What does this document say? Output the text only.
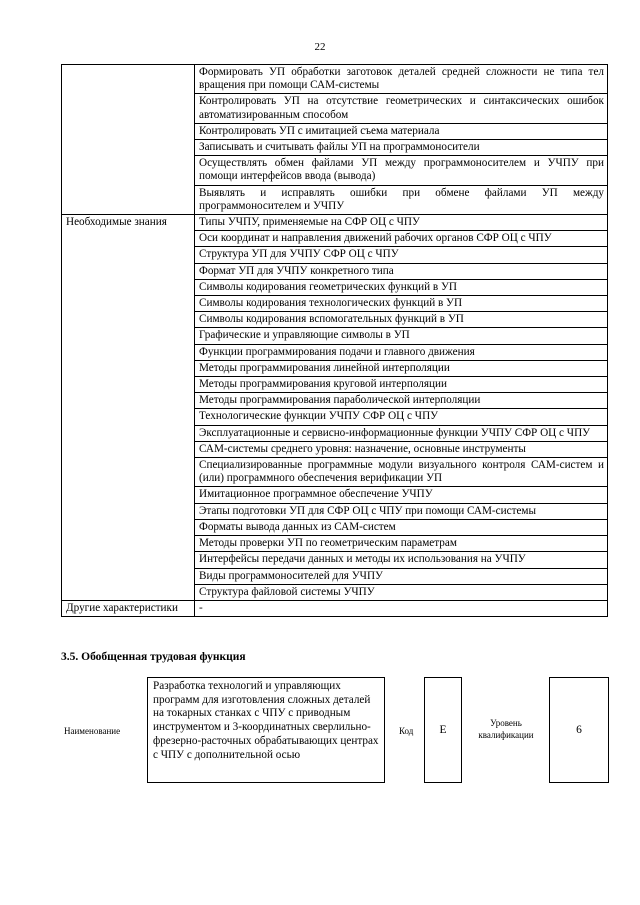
22
	Формировать УП обработки заготовок деталей средней сложности не типа тел вращения при помощи САМ-системы
	Контролировать УП на отсутствие геометрических и синтаксических ошибок автоматизированным способом
	Контролировать УП с имитацией съема материала
	Записывать и считывать файлы УП на программоносители
	Осуществлять обмен файлами УП между программоносителем и УЧПУ при помощи интерфейсов ввода (вывода)
	Выявлять и исправлять ошибки при обмене файлами УП между программоносителем и УЧПУ
Необходимые знания	Типы УЧПУ, применяемые на СФР ОЦ с ЧПУ
	Оси координат и направления движений рабочих органов СФР ОЦ с ЧПУ
	Структура УП для УЧПУ СФР ОЦ с ЧПУ
	Формат УП для УЧПУ конкретного типа
	Символы кодирования геометрических функций в УП
	Символы кодирования технологических функций в УП
	Символы кодирования вспомогательных функций в УП
	Графические и управляющие символы в УП
	Функции программирования подачи и главного движения
	Методы программирования линейной интерполяции
	Методы программирования круговой интерполяции
	Методы программирования параболической интерполяции
	Технологические функции УЧПУ СФР ОЦ с ЧПУ
	Эксплуатационные и сервисно-информационные функции УЧПУ СФР ОЦ с ЧПУ
	САМ-системы среднего уровня: назначение, основные инструменты
	Специализированные программные модули визуального контроля САМ-систем и (или) программного обеспечения верификации УП
	Имитационное программное обеспечение УЧПУ
	Этапы подготовки УП для СФР ОЦ с ЧПУ при помощи САМ-системы
	Форматы вывода данных из САМ-систем
	Методы проверки УП по геометрическим параметрам
	Интерфейсы передачи данных и методы их использования на УЧПУ
	Виды программоносителей для УЧПУ
	Структура файловой системы УЧПУ
Другие характеристики	-
3.5. Обобщенная трудовая функция
Наименование
Разработка технологий и управляющих программ для изготовления сложных деталей на токарных станках с ЧПУ с приводным инструментом и 3-координатных сверлильно-фрезерно-расточных обрабатывающих центрах с ЧПУ с дополнительной осью
Код	Е
Уровень квалификации	6
